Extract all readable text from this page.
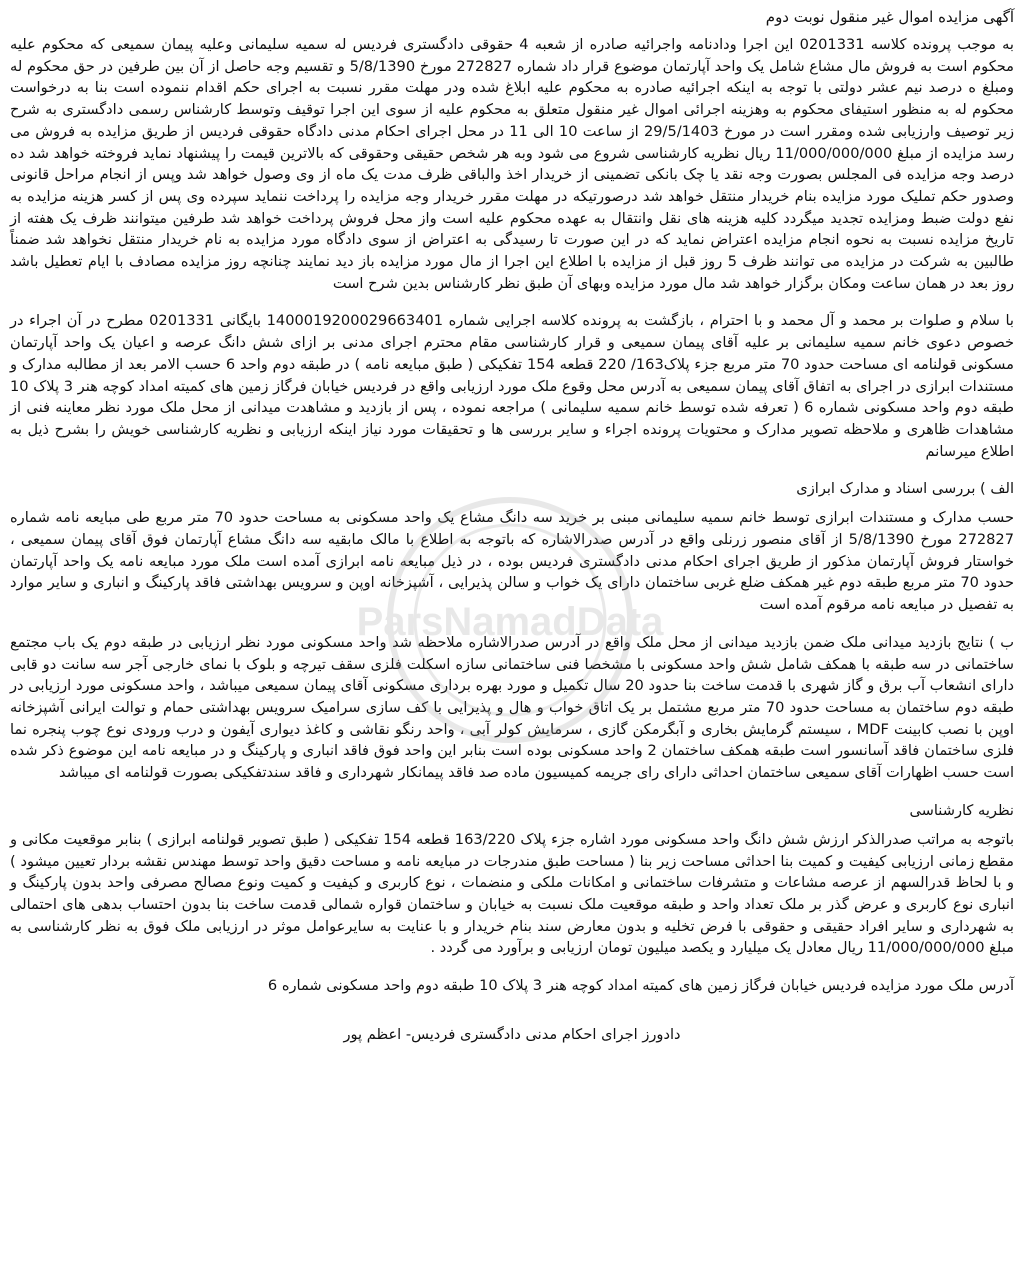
آگهی مزایده اموال غیر منقول نوبت دوم
به موجب پرونده کلاسه 0201331 این اجرا ودادنامه واجرائیه صادره از شعبه 4 حقوقی دادگستری فردیس له سمیه سلیمانی وعلیه پیمان سمیعی که محکوم علیه محکوم است به فروش مال مشاع شامل یک واحد آپارتمان موضوع قرار داد شماره 272827 مورخ 5/8/1390 و تقسیم وجه حاصل از آن بین طرفین در حق محکوم له ومبلغ ه درصد نیم عشر دولتی با توجه به اینکه اجرائیه صادره به محکوم علیه ابلاغ شده ودر مهلت مقرر نسبت به اجرای حکم اقدام ننموده است بنا به درخواست محکوم له به منظور استیفای محکوم به وهزینه اجرائی اموال غیر منقول متعلق به محکوم علیه از سوی این اجرا توقیف وتوسط کارشناس رسمی دادگستری به شرح زیر توصیف وارزیابی شده ومقرر است در مورخ 29/5/1403 از ساعت 10 الی 11 در محل اجرای احکام مدنی دادگاه حقوقی فردیس از طریق مزایده به فروش می رسد مزایده از مبلغ 11/000/000/000 ریال نظریه کارشناسی شروع می شود وبه هر شخص حقیقی وحقوقی که بالاترین قیمت را پیشنهاد نماید فروخته خواهد شد ده درصد وجه مزایده فی المجلس بصورت وجه نقد یا چک بانکی تضمینی از خریدار اخذ والباقی ظرف مدت یک ماه از وی وصول خواهد شد وپس از انجام مراحل قانونی وصدور حکم تملیک مورد مزایده بنام خریدار منتقل خواهد شد درصورتیکه در مهلت مقرر خریدار وجه مزایده را پرداخت ننماید سپرده وی پس از کسر هزینه مزایده به نفع دولت ضبط ومزایده تجدید میگردد کلیه هزینه های نقل وانتقال به عهده محکوم علیه است واز محل فروش پرداخت خواهد شد طرفین میتوانند ظرف یک هفته از تاریخ مزایده نسبت به نحوه انجام مزایده اعتراض نماید که در این صورت تا رسیدگی به اعتراض از سوی دادگاه مورد مزایده به نام خریدار منتقل نخواهد شد ضمناً طالبین به شرکت در مزایده می توانند ظرف 5 روز قبل از مزایده با اطلاع این اجرا از مال مورد مزایده باز دید نمایند چنانچه روز مزایده مصادف با ایام تعطیل باشد روز بعد در همان ساعت ومکان برگزار خواهد شد مال مورد مزایده وبهای آن طبق نظر کارشناس بدین شرح است
با سلام و صلوات بر محمد و آل محمد و با احترام ، بازگشت به پرونده کلاسه اجرایی شماره 140001920002966340‌1 بایگانی 0201331 مطرح در آن اجراء در خصوص دعوی خانم سمیه سلیمانی بر علیه آقای پیمان سمیعی و قرار کارشناسی مقام محترم اجرای مدنی بر ازای شش دانگ عرصه و اعیان یک واحد آپارتمان مسکونی قولنامه ای مساحت حدود 70 متر مربع جزء پلاک163/ 220 قطعه 154 تفکیکی ( طبق مبایعه نامه ) در طبقه دوم واحد 6 حسب الامر بعد از مطالبه مدارک و مستندات ابرازی در اجرای به اتفاق آقای پیمان سمیعی به آدرس محل وقوع ملک مورد ارزیابی واقع در فردیس خیابان فرگاز زمین های کمیته امداد کوچه هنر 3 پلاک 10 طبقه دوم واحد مسکونی شماره 6 ( تعرفه شده توسط خانم سمیه سلیمانی ) مراجعه نموده ، پس از بازدید و مشاهدت میدانی از محل ملک مورد نظر معاینه فنی از مشاهدات ظاهری و ملاحظه تصویر مدارک و محتویات پرونده اجراء و سایر بررسی ها و تحقیقات مورد نیاز اینکه ارزیابی و نظریه کارشناسی خویش را بشرح ذیل به اطلاع میرسانم
الف ) بررسی اسناد و مدارک ابرازی
حسب مدارک و مستندات ابرازی توسط خانم سمیه سلیمانی مبنی بر خرید سه دانگ مشاع یک واحد مسکونی به مساحت حدود 70 متر مربع طی مبایعه نامه شماره 272827 مورخ 5/8/1390 از آقای منصور زرنلی واقع در آدرس صدرالاشاره که باتوجه به اطلاع با مالک مابقیه سه دانگ مشاع آپارتمان فوق آقای پیمان سمیعی ، خواستار فروش آپارتمان مذکور از طریق اجرای احکام مدنی دادگستری فردیس بوده ، در ذیل مبایعه نامه ابرازی آمده است ملک مورد مبایعه نامه یک واحد آپارتمان حدود 70 متر مربع طبقه دوم غیر همکف ضلع غربی ساختمان دارای یک خواب و سالن پذیرایی ، آشپزخانه اوپن و سرویس بهداشتی فاقد پارکینگ و انباری و سایر موارد به تفصیل در مبایعه نامه مرقوم آمده است
ب ) نتایج بازدید میدانی ملک ضمن بازدید میدانی از محل ملک واقع در آدرس صدرالاشاره ملاحظه شد واحد مسکونی مورد نظر ارزیابی در طبقه دوم یک باب مجتمع ساختمانی در سه طبقه با همکف شامل شش واحد مسکونی با مشخصا فنی ساختمانی سازه اسکلت فلزی سقف تیرچه و بلوک با نمای خارجی آجر سه سانت دو قابی دارای انشعاب آب برق و گاز شهری با قدمت ساخت بنا حدود 20 سال تکمیل و مورد بهره برداری مسکونی آقای پیمان سمیعی میباشد ، واحد مسکونی مورد ارزیابی در طبقه دوم ساختمان به مساحت حدود 70 متر مربع مشتمل بر یک اتاق خواب و هال و پذیرایی با کف سازی سرامیک سرویس بهداشتی حمام و توالت ایرانی آشپزخانه اوپن با نصب کابینت MDF ، سیستم گرمایش بخاری و آبگرمکن گازی ، سرمایش کولر آبی ، واحد رنگو نقاشی و کاغذ دیواری آیفون و درب ورودی نوع چوب پنجره نما فلزی ساختمان فاقد آسانسور است طبقه همکف ساختمان 2 واحد مسکونی بوده است بنابر این واحد فوق فاقد انباری و پارکینگ و در مبایعه نامه این موضوع ذکر شده است حسب اظهارات آقای سمیعی ساختمان احداثی دارای رای جریمه کمیسیون ماده صد فاقد پیمانکار شهرداری و فاقد سندتفکیکی بصورت قولنامه ای میباشد
نظریه کارشناسی
باتوجه به مراتب صدرالذکر ارزش شش دانگ واحد مسکونی مورد اشاره جزء پلاک 163/220 قطعه 154 تفکیکی ( طبق تصویر قولنامه ابرازی ) بنابر موقعیت مکانی و مقطع زمانی ارزیابی کیفیت و کمیت بنا احداثی مساحت زیر بنا ( مساحت طبق مندرجات در مبایعه نامه و مساحت دقیق واحد توسط مهندس نقشه بردار تعیین میشود ) و با لحاظ قدرالسهم از عرصه مشاعات و متشرفات ساختمانی و امکانات ملکی و منضمات ، نوع کاربری و کیفیت و کمیت ونوع مصالح مصرفی واحد بدون پارکینگ و انباری نوع کاربری و عرض گذر بر ملک تعداد واحد و طبقه موقعیت ملک نسبت به خیابان و ساختمان قواره شمالی قدمت ساخت بنا بدون احتساب بدهی های احتمالی به شهرداری و سایر افراد حقیقی و حقوقی با فرض تخلیه و بدون معارض سند بنام خریدار و با عنایت به سایرعوامل موثر در ارزیابی ملک فوق به نظر کارشناسی به مبلغ 11/000/000/000 ریال معادل یک میلیارد و یکصد میلیون تومان ارزیابی و برآورد می گردد .
آدرس ملک مورد مزایده فردیس خیابان فرگاز زمین های کمیته امداد کوچه هنر 3 پلاک 10 طبقه دوم واحد مسکونی شماره 6
دادورز اجرای احکام مدنی دادگستری فردیس- اعظم پور
ParsNamadData
